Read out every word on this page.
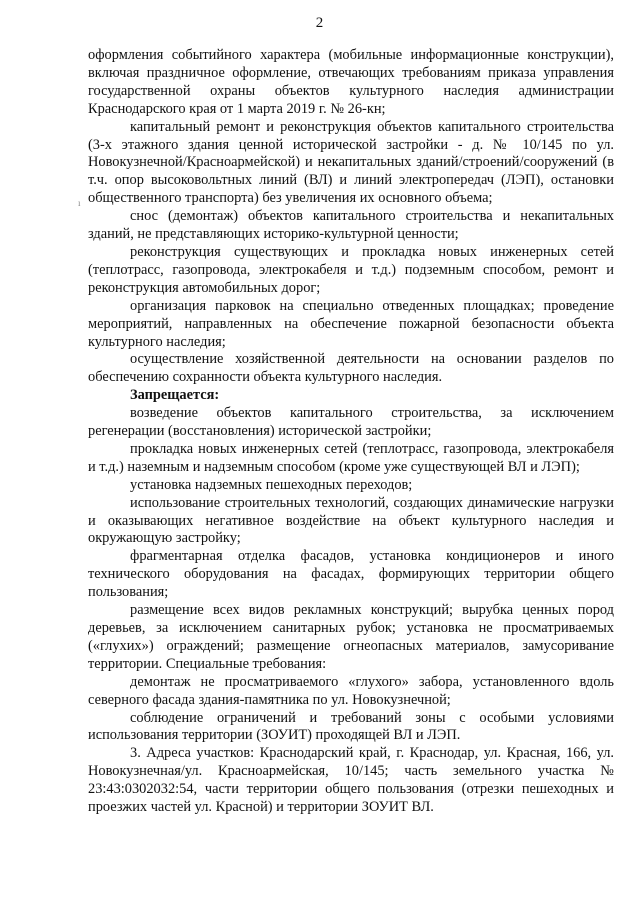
2
ı

оформления событийного характера (мобильные информационные конструкции), включая праздничное оформление, отвечающих требованиям приказа управления государственной охраны объектов культурного наследия администрации Краснодарского края от 1 марта 2019 г. № 26-кн;

капитальный ремонт и реконструкция объектов капитального строительства (3-х этажного здания ценной исторической застройки - д. № 10/145 по ул. Новокузнечной/Красноармейской) и некапитальных зданий/строений/сооружений (в т.ч. опор высоковольтных линий (ВЛ) и линий электропередач (ЛЭП), остановки общественного транспорта) без увеличения их основного объема;

снос (демонтаж) объектов капитального строительства и некапитальных зданий, не представляющих историко-культурной ценности;

реконструкция существующих и прокладка новых инженерных сетей (теплотрасс, газопровода, электрокабеля и т.д.) подземным способом, ремонт и реконструкция автомобильных дорог;

организация парковок на специально отведенных площадках; проведение мероприятий, направленных на обеспечение пожарной безопасности объекта культурного наследия;

осуществление хозяйственной деятельности на основании разделов по обеспечению сохранности объекта культурного наследия.

Запрещается:

возведение объектов капитального строительства, за исключением регенерации (восстановления) исторической застройки;

прокладка новых инженерных сетей (теплотрасс, газопровода, электрокабеля и т.д.) наземным и надземным способом (кроме уже существующей ВЛ и ЛЭП);

установка надземных пешеходных переходов;

использование строительных технологий, создающих динамические нагрузки и оказывающих негативное воздействие на объект культурного наследия и окружающую застройку;

фрагментарная отделка фасадов, установка кондиционеров и иного технического оборудования на фасадах, формирующих территории общего пользования;

размещение всех видов рекламных конструкций; вырубка ценных пород деревьев, за исключением санитарных рубок; установка не просматриваемых («глухих») ограждений; размещение огнеопасных материалов, замусоривание территории. Специальные требования:

демонтаж не просматриваемого «глухого» забора, установленного вдоль северного фасада здания-памятника по ул. Новокузнечной;

соблюдение ограничений и требований зоны с особыми условиями использования территории (ЗОУИТ) проходящей ВЛ и ЛЭП.

3. Адреса участков: Краснодарский край, г. Краснодар, ул. Красная, 166, ул. Новокузнечная/ул. Красноармейская, 10/145; часть земельного участка № 23:43:0302032:54, части территории общего пользования (отрезки пешеходных и проезжих частей ул. Красной) и территории ЗОУИТ ВЛ.
